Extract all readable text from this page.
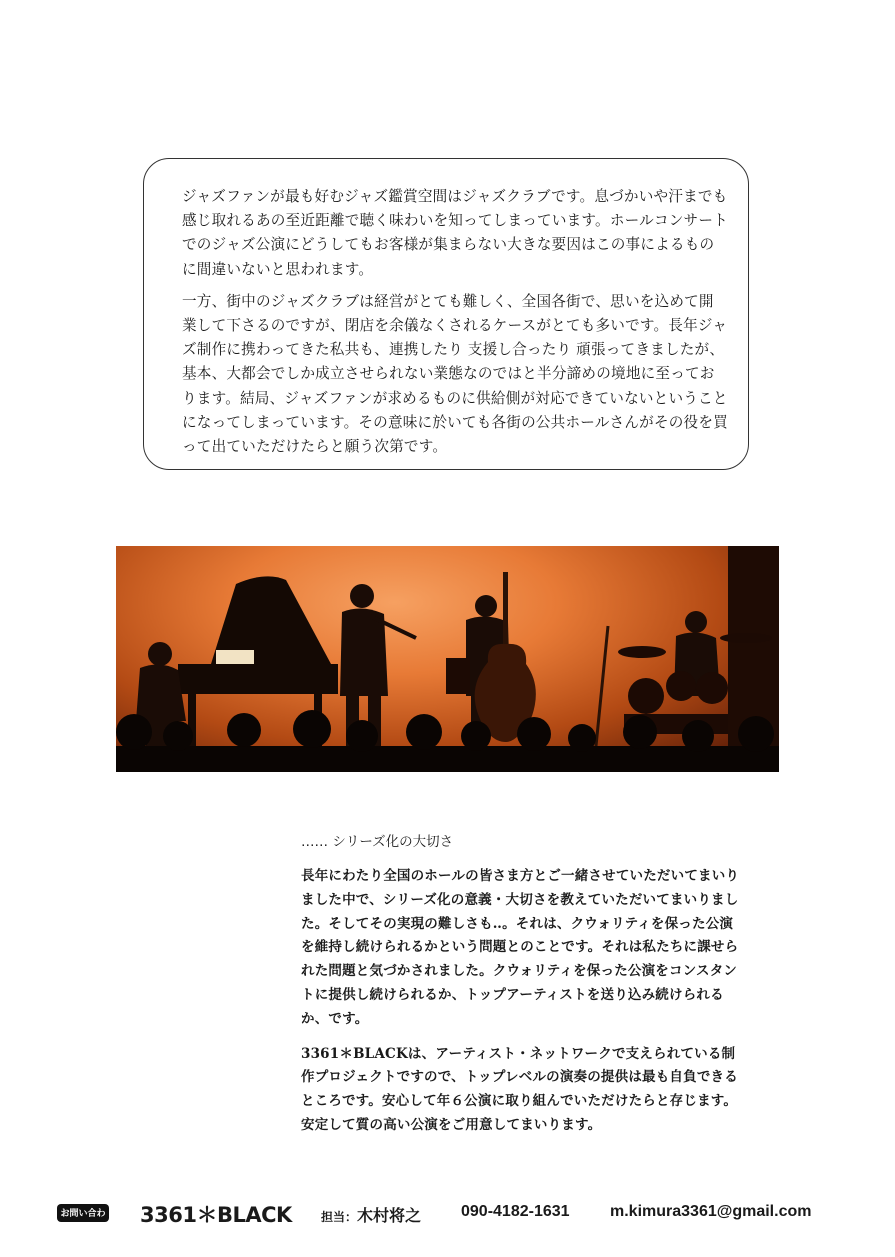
ジャズファンが最も好むジャズ鑑賞空間はジャズクラブです。息づかいや汗までも感じ取れるあの至近距離で聴く味わいを知ってしまっています。ホールコンサートでのジャズ公演にどうしてもお客様が集まらない大きな要因はこの事によるものに間違いないと思われます。

一方、街中のジャズクラブは経営がとても難しく、全国各街で、思いを込めて開業して下さるのですが、閉店を余儀なくされるケースがとても多いです。長年ジャズ制作に携わってきた私共も、連携したり 支援し合ったり 頑張ってきましたが、基本、大都会でしか成立させられない業態なのではと半分諦めの境地に至っております。結局、ジャズファンが求めるものに供給側が対応できていないということになってしまっています。その意味に於いても各街の公共ホールさんがその役を買って出ていただけたらと願う次第です。

‥‥‥ シリーズ化の大切さ

長年にわたり全国のホールの皆さま方とご一緒させていただいてまいりました中で、シリーズ化の意義・大切さを教えていただいてまいりました。そしてその実現の難しさも‥。それは、クウォリティを保った公演を維持し続けられるかという問題とのことです。それは私たちに課せられた問題と気づかされました。クウォリティを保った公演をコンスタントに提供し続けられるか、トップアーティストを送り込み続けられるか、です。

3361＊BLACKは、アーティスト・ネットワークで支えられている制作プロジェクトですので、トップレベルの演奏の提供は最も自負できるところです。安心して年６公演に取り組んでいただけたらと存じます。安定して質の高い公演をご用意してまいります。

お問い合わせ
3361＊BLACK 担当：木村将之 090-4182-1631	m.kimura3361@gmail.com
